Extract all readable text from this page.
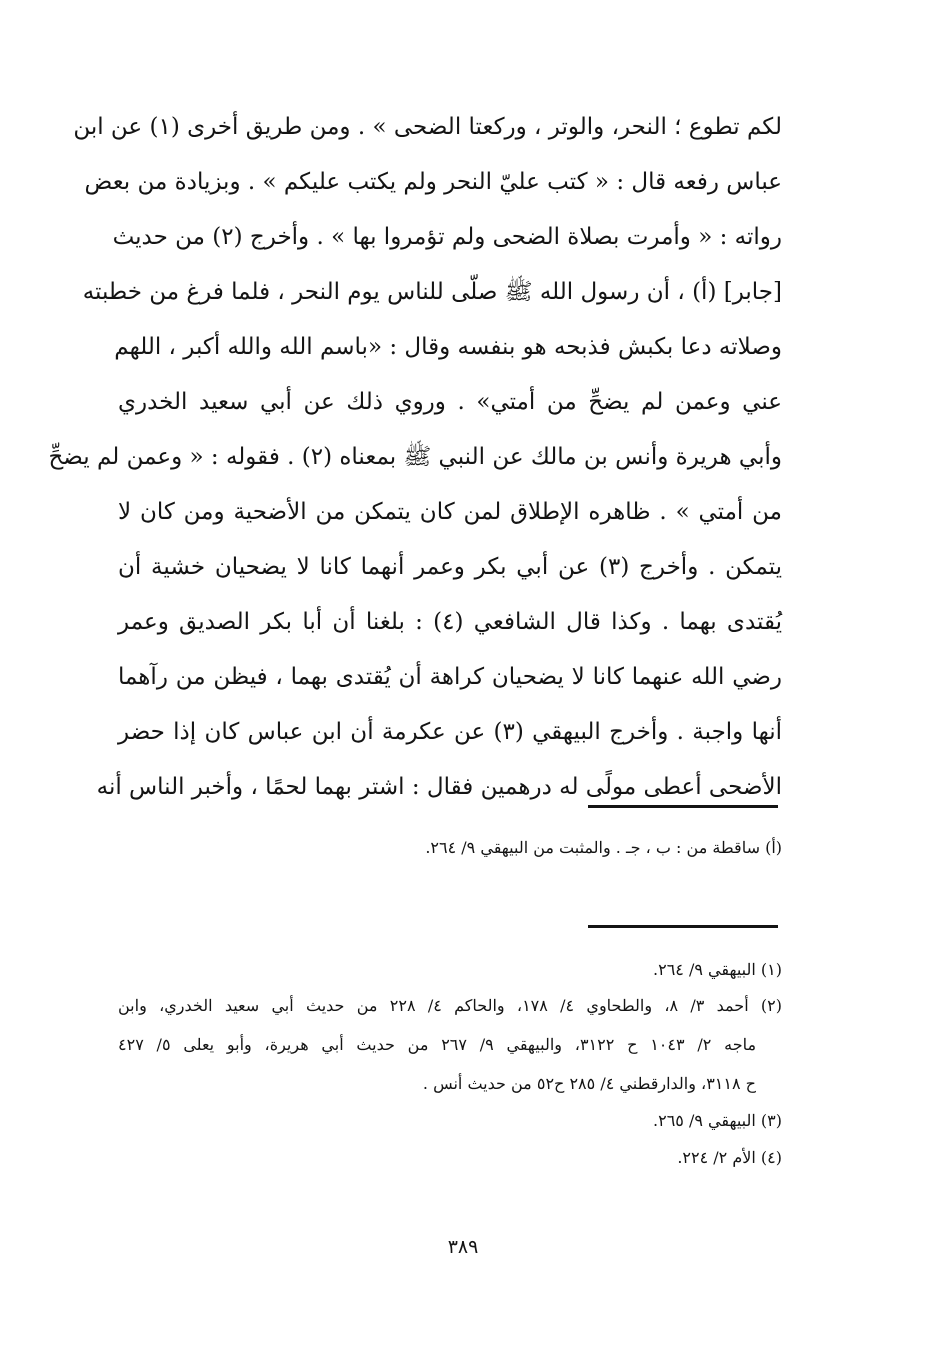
لكم تطوع ؛ النحر، والوتر ، وركعتا الضحى » . ومن طريق أخرى (١) عن ابن
عباس رفعه قال : « كتب عليّ النحر ولم يكتب عليكم » . وبزيادة من بعض
رواته : « وأمرت بصلاة الضحى ولم تؤمروا بها » . وأخرج (٢) من حديث
[جابر] (أ) ، أن رسول الله ﷺ صلّى للناس يوم النحر ، فلما فرغ من خطبته
وصلاته دعا بكبش فذبحه هو بنفسه وقال : «باسم الله والله أكبر ، اللهم
عني وعمن لم يضحِّ من أمتي» . وروي ذلك عن أبي سعيد الخدري
وأبي هريرة وأنس بن مالك عن النبي ﷺ بمعناه (٢) . فقوله : « وعمن لم يضحِّ
من أمتي » . ظاهره الإطلاق لمن كان يتمكن من الأضحية ومن كان لا
يتمكن . وأخرج (٣) عن أبي بكر وعمر أنهما كانا لا يضحيان خشية أن
يُقتدى بهما . وكذا قال الشافعي (٤) : بلغنا أن أبا بكر الصديق وعمر
رضي الله عنهما كانا لا يضحيان كراهة أن يُقتدى بهما ، فيظن من رآهما
أنها واجبة . وأخرج البيهقي (٣) عن عكرمة أن ابن عباس كان إذا حضر
الأضحى أعطى مولًى له درهمين فقال : اشتر بهما لحمًا ، وأخبر الناس أنه
(أ) ساقطة من : ب ، جـ . والمثبت من البيهقي ٩/ ٢٦٤.
(١) البيهقي ٩/ ٢٦٤.
(٢) أحمد ٣/ ٨، والطحاوي ٤/ ١٧٨، والحاكم ٤/ ٢٢٨ من حديث أبي سعيد الخدري، وابن
ماجه ٢/ ١٠٤٣ ح ٣١٢٢، والبيهقي ٩/ ٢٦٧ من حديث أبي هريرة، وأبو يعلى ٥/ ٤٢٧
ح ٣١١٨، والدارقطني ٤/ ٢٨٥ ح٥٢ من حديث أنس .
(٣) البيهقي ٩/ ٢٦٥.
(٤) الأم ٢/ ٢٢٤.
٣٨٩
